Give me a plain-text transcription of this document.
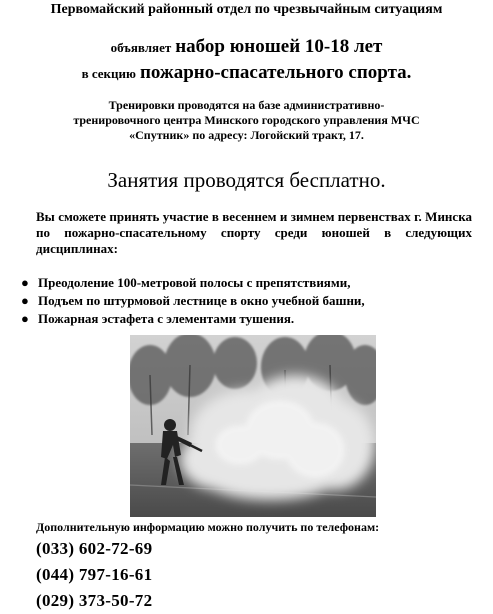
Первомайский районный отдел по чрезвычайным ситуациям
объявляет набор юношей 10-18 лет
в секцию пожарно-спасательного спорта.
Тренировки проводятся на базе административно-
тренировочного центра Минского городского управления МЧС
«Спутник» по адресу: Логойский тракт, 17.
Занятия проводятся бесплатно.
Вы сможете принять участие в весеннем и зимнем первенствах г. Минска по пожарно-спасательному спорту среди юношей в следующих дисциплинах:
● Преодоление 100-метровой полосы с препятствиями,
● Подъем по штурмовой лестнице в окно учебной башни,
● Пожарная эстафета с элементами тушения.
Дополнительную информацию можно получить по телефонам:
(033) 602-72-69
(044) 797-16-61
(029) 373-50-72
